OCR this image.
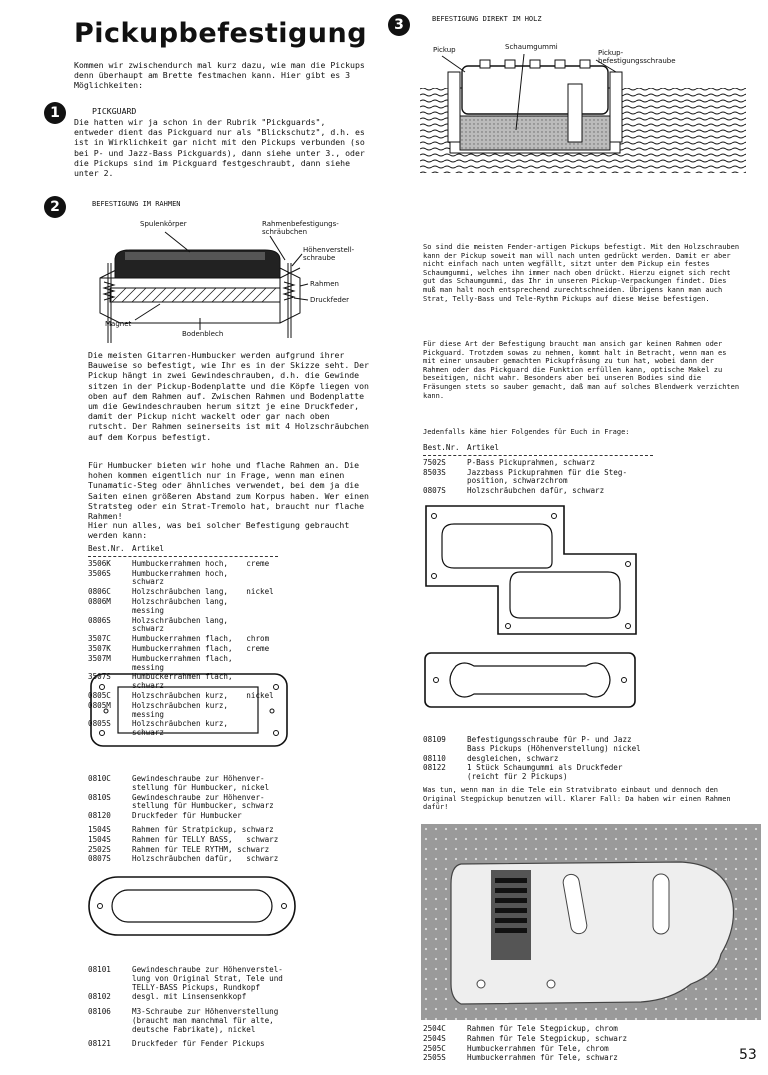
Pickupbefestigung
Kommen wir zwischendurch mal kurz dazu, wie man die Pickups denn überhaupt am Brette festmachen kann. Hier gibt es 3 Möglichkeiten:
1	PICKGUARD
Die hatten wir ja schon in der Rubrik "Pickguards", entweder dient das Pickguard nur als "Blickschutz", d.h. es ist in Wirklichkeit gar nicht mit den Pickups verbunden (so bei P- und Jazz-Bass Pickguards), dann siehe unter 3., oder die Pickups sind im Pickguard festgeschraubt, dann siehe unter 2.
2	BEFESTIGUNG IM RAHMEN
Spulenkörper	Rahmenbefestigungs-
schräubchen
Höhenverstell-
schraube
Rahmen
Druckfeder
Magnet
Bodenblech
Die meisten Gitarren-Humbucker werden aufgrund ihrer Bauweise so befestigt, wie Ihr es in der Skizze seht. Der Pickup hängt in zwei Gewindeschrauben, d.h. die Gewinde sitzen in der Pickup-Bodenplatte und die Köpfe liegen von oben auf dem Rahmen auf. Zwischen Rahmen und Bodenplatte um die Gewindeschrauben herum sitzt je eine Druckfeder, damit der Pickup nicht wackelt oder gar nach oben rutscht. Der Rahmen seinerseits ist mit 4 Holzschräubchen auf dem Korpus befestigt.
Für Humbucker bieten wir hohe und flache Rahmen an. Die hohen kommen eigentlich nur in Frage, wenn man einen Tunamatic-Steg oder ähnliches verwendet, bei dem ja die Saiten einen größeren Abstand zum Korpus haben. Wer einen Stratsteg oder ein Strat-Tremolo hat, braucht nur flache Rahmen!
Hier nun alles, was bei solcher Befestigung gebraucht werden kann:
Best.Nr. Artikel
3506K	Humbuckerrahmen hoch,    creme
3506S	Humbuckerrahmen hoch,    schwarz
0806C	Holzschräubchen lang,    nickel
0806M	Holzschräubchen lang,    messing
0806S	Holzschräubchen lang,    schwarz
3507C	Humbuckerrahmen flach,   chrom
3507K	Humbuckerrahmen flach,   creme
3507M	Humbuckerrahmen flach,   messing
3507S	Humbuckerrahmen flach,   schwarz
0805C	Holzschräubchen kurz,    nickel
0805M	Holzschräubchen kurz,    messing
0805S	Holzschräubchen kurz,    schwarz
0810C	Gewindeschraube zur Höhenver-
stellung für Humbucker, nickel
0810S	Gewindeschraube zur Höhenver-
stellung für Humbucker, schwarz
08120	Druckfeder für Humbucker
1504S	Rahmen für Stratpickup, schwarz
1504S	Rahmen für TELLY BASS,   schwarz
2502S	Rahmen für TELE RYTHM, schwarz
0807S	Holzschräubchen dafür,   schwarz
08101	Gewindeschraube zur Höhenverstel-
lung von Original Strat, Tele und
TELLY-BASS Pickups, Rundkopf
08102	desgl. mit Linsensenkkopf
08106	M3-Schraube zur Höhenverstellung
(braucht man manchmal für alte,
deutsche Fabrikate), nickel
08121	Druckfeder für Fender Pickups
3	BEFESTIGUNG DIREKT IM HOLZ
Pickup	Schaumgummi
Pickup-
befestigungsschraube
So sind die meisten Fender-artigen Pickups befestigt. Mit den Holzschrauben kann der Pickup soweit man will nach unten gedrückt werden. Damit er aber nicht einfach nach unten wegfällt, sitzt unter dem Pickup ein festes Schaumgummi, welches ihn immer nach oben drückt. Hierzu eignet sich recht gut das Schaumgummi, das Ihr in unseren Pickup-Verpackungen findet. Dies muß man halt noch entsprechend zurechtschneiden. Übrigens kann man auch Strat, Telly-Bass und Tele-Rythm Pickups auf diese Weise befestigen.
Für diese Art der Befestigung braucht man ansich gar keinen Rahmen oder Pickguard. Trotzdem sowas zu nehmen, kommt halt in Betracht, wenn man es mit einer unsauber gemachten Pickupfräsung zu tun hat, wobei dann der Rahmen oder das Pickguard die Funktion erfüllen kann, optische Makel zu beseitigen, nicht wahr. Besonders aber bei unseren Bodies sind die Fräsungen stets so sauber gemacht, daß man auf solches Blendwerk verzichten kann.
Jedenfalls käme hier Folgendes für Euch in Frage:
Best.Nr. Artikel
7502S	P-Bass Pickuprahmen, schwarz
8503S	Jazzbass Pickuprahmen für die Steg-
position, schwarzchrom
0807S	Holzschräubchen dafür, schwarz
08109	Befestigungsschraube für P- und Jazz
Bass Pickups (Höhenverstellung) nickel
08110	desgleichen, schwarz
08122	1 Stück Schaumgummi als Druckfeder
(reicht für 2 Pickups)
Was tun, wenn man in die Tele ein Stratvibrato einbaut und dennoch den Original Stegpickup benutzen will. Klarer Fall: Da haben wir einen Rahmen dafür!
2504C	Rahmen für Tele Stegpickup, chrom
2504S	Rahmen für Tele Stegpickup, schwarz
2505C	Humbuckerrahmen für Tele, chrom
2505S	Humbuckerrahmen für Tele, schwarz	53
